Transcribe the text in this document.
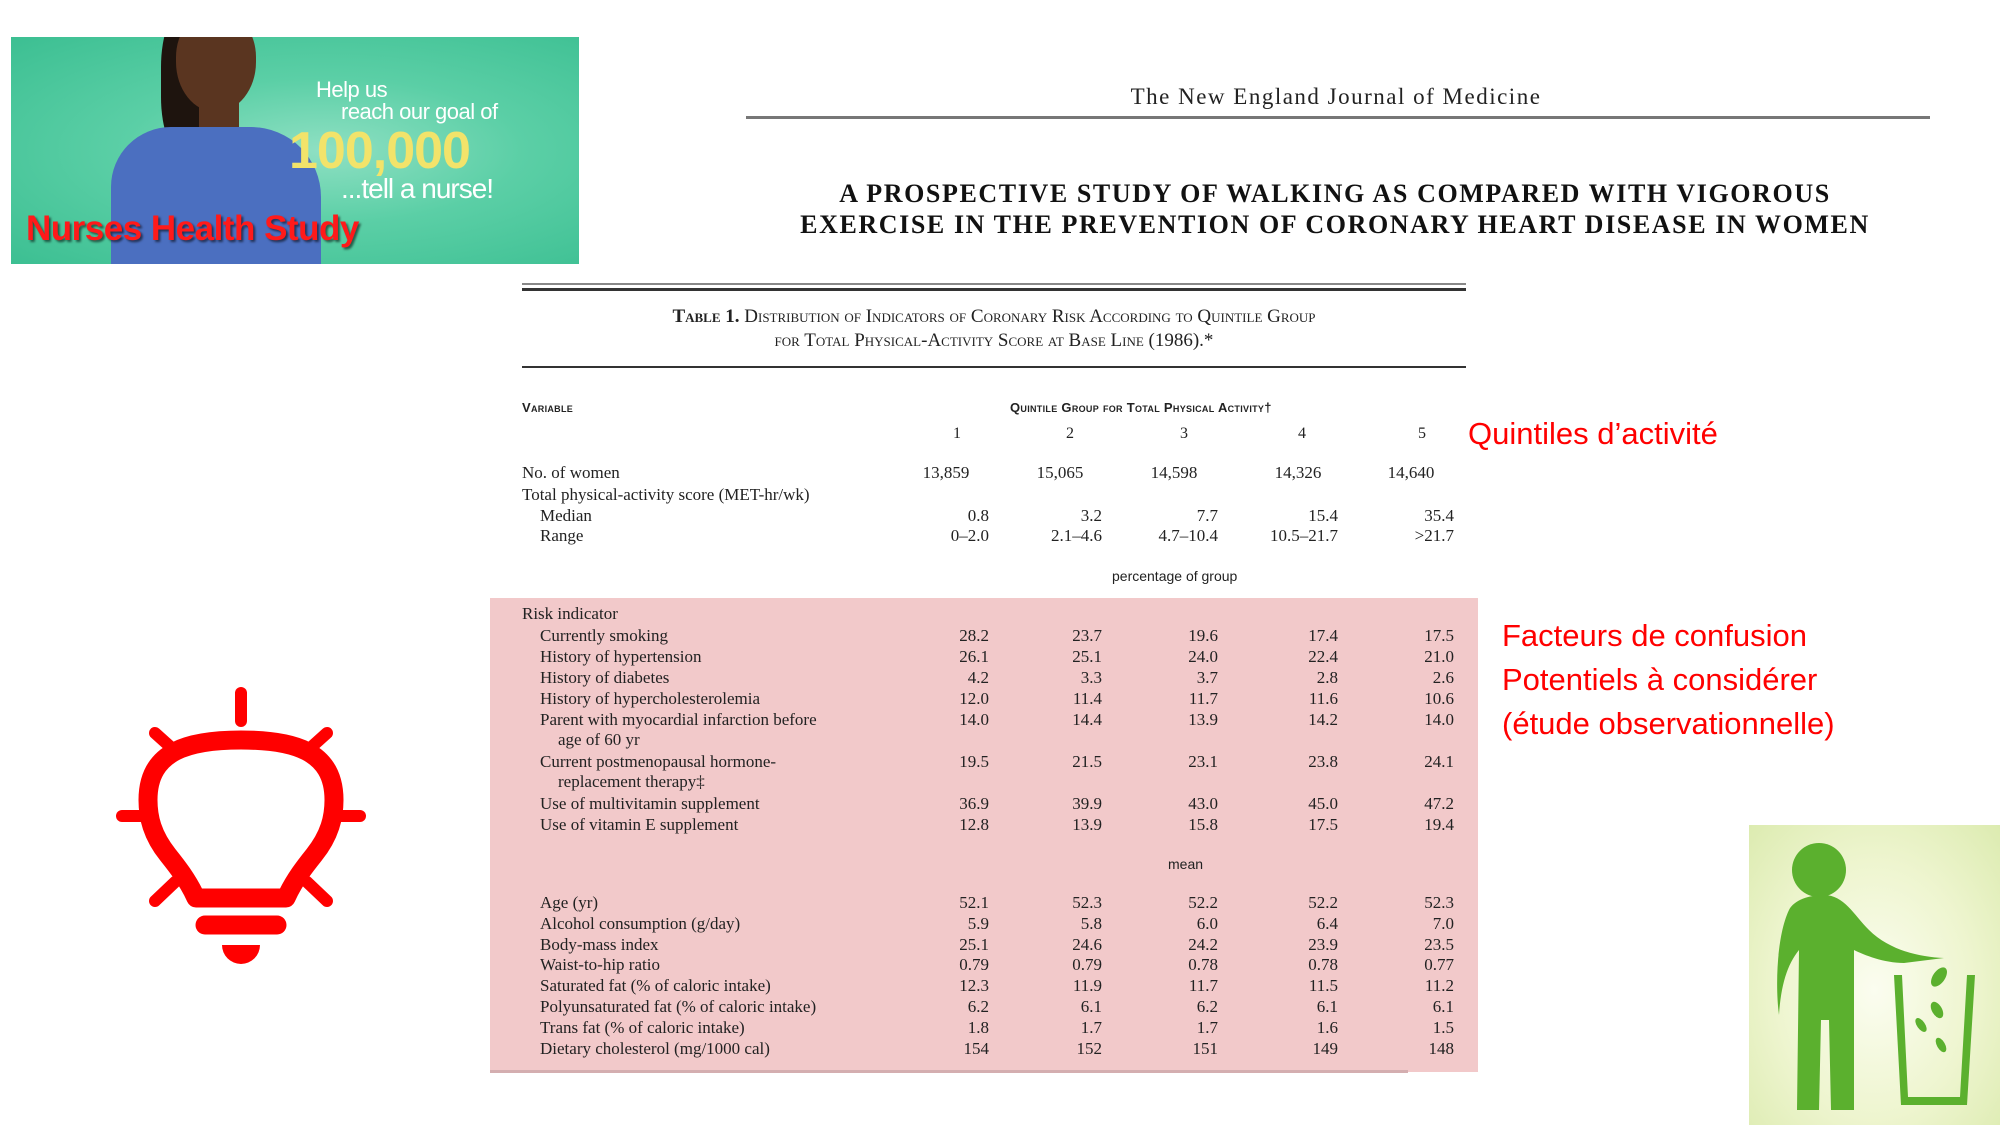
Help us
reach our goal of
100,000
...tell a nurse!
Nurses Health Study
The New England Journal of Medicine
A PROSPECTIVE STUDY OF WALKING AS COMPARED WITH VIGOROUS
EXERCISE IN THE PREVENTION OF CORONARY HEART DISEASE IN WOMEN
Table 1. Distribution of Indicators of Coronary Risk According to Quintile Group
for Total Physical-Activity Score at Base Line (1986).*
Variable	Quintile Group for Total Physical Activity†
1	2	3	4	5
No. of women	13,859	15,065	14,598	14,326	14,640
Total physical-activity score (MET-hr/wk)
Median	0.8	3.2	7.7	15.4	35.4
Range	0–2.0	2.1–4.6	4.7–10.4	10.5–21.7	>21.7
percentage of group
Risk indicator
Currently smoking	28.2	23.7	19.6	17.4	17.5
History of hypertension	26.1	25.1	24.0	22.4	21.0
History of diabetes	4.2	3.3	3.7	2.8	2.6
History of hypercholesterolemia	12.0	11.4	11.7	11.6	10.6
Parent with myocardial infarction before	14.0	14.4	13.9	14.2	14.0
age of 60 yr
Current postmenopausal hormone-	19.5	21.5	23.1	23.8	24.1
replacement therapy‡
Use of multivitamin supplement	36.9	39.9	43.0	45.0	47.2
Use of vitamin E supplement	12.8	13.9	15.8	17.5	19.4
Age (yr)	52.1	52.3	52.2	52.2	52.3
Alcohol consumption (g/day)	5.9	5.8	6.0	6.4	7.0
Body-mass index	25.1	24.6	24.2	23.9	23.5
Waist-to-hip ratio	0.79	0.79	0.78	0.78	0.77
Saturated fat (% of caloric intake)	12.3	11.9	11.7	11.5	11.2
Polyunsaturated fat (% of caloric intake)	6.2	6.1	6.2	6.1	6.1
Trans fat (% of caloric intake)	1.8	1.7	1.7	1.6	1.5
Dietary cholesterol (mg/1000 cal)	154	152	151	149	148
mean
Quintiles d’activité
Facteurs de confusion
Potentiels à considérer
(étude observationnelle)
